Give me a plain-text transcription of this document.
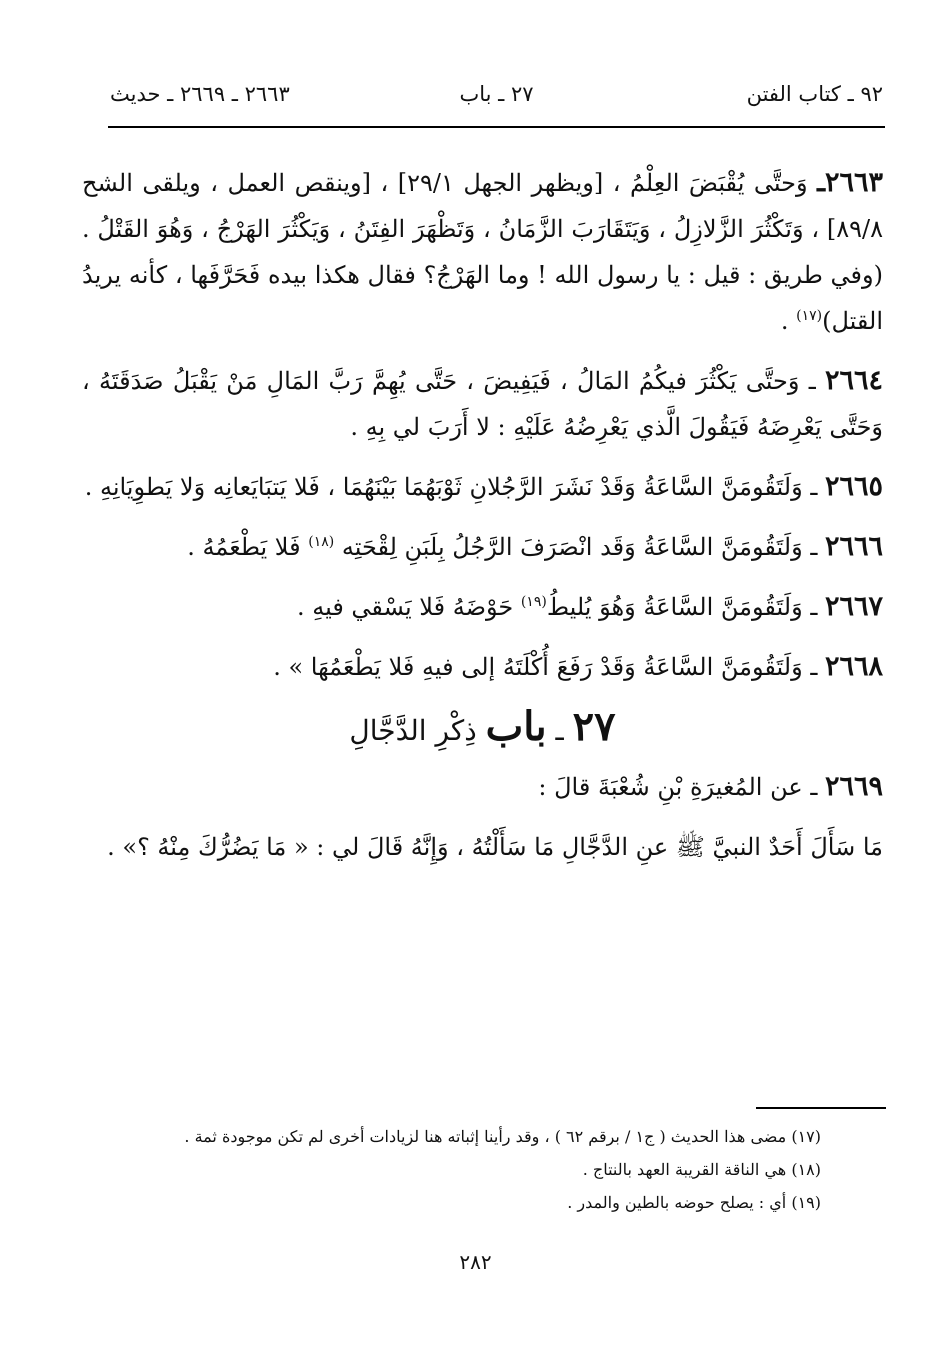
٩٢ ـ كتاب الفتن
٢٧ ـ باب
٢٦٦٣ ـ ٢٦٦٩ ـ حديث

٢٦٦٣ـ وَحتَّى يُقْبَضَ العِلْمُ ، [ويظهر الجهل ٢٩/١] ، [وينقص العمل ، ويلقى الشح ٨٩/٨] ، وَتَكْثُرَ الزَّلازِلُ ، وَيَتَقَارَبَ الزَّمَانُ ، وَتَظْهَرَ الفِتَنُ ، وَيَكْثُرَ الهَرْجُ ، وَهُوَ القَتْلُ . (وفي طريق : قيل : يا رسول الله ! وما الهَرْجُ؟ فقال هكذا بيده فَحَرَّفَها ، كأنه يريدُ القتل)$^{(١٧)}$ .

٢٦٦٤ ـ وَحتَّى يَكْثُرَ فيكُمُ المَالُ ، فَيَفِيضَ ، حَتَّى يُهِمَّ رَبَّ المَالِ مَنْ يَقْبَلُ صَدَقَتَهُ ، وَحَتَّى يَعْرِضَهُ فَيَقُولَ الَّذي يَعْرِضُهُ عَلَيْهِ : لا أَرَبَ لي بِهِ .

٢٦٦٥ ـ وَلَتَقُومَنَّ السَّاعَةُ وَقَدْ نَشَرَ الرَّجُلانِ ثَوْبَهُمَا بَيْنَهُمَا ، فَلا يَتبَايَعانِه وَلا يَطوِيَانِهِ .

٢٦٦٦ ـ وَلَتَقُومَنَّ السَّاعَةُ وَقَد انْصَرَفَ الرَّجُلُ بِلَبَنِ لِقْحَتِه $^{(١٨)}$ فَلا يَطْعَمُهُ .

٢٦٦٧ ـ وَلَتَقُومَنَّ السَّاعَةُ وَهُوَ يُليطُ$^{(١٩)}$ حَوْضَهُ فَلا يَسْقي فيهِ .

٢٦٦٨ ـ وَلَتَقُومَنَّ السَّاعَةُ وَقَدْ رَفَعَ أُكْلَتَهُ إلى فيهِ فَلا يَطْعَمُهَا » .

٢٧ ـ باب ذِكْرِ الدَّجَّالِ

٢٦٦٩ ـ عن المُغيرَةِ بْنِ شُعْبَةَ قالَ :

مَا سَأَلَ أَحَدٌ النبيَّ ﷺ عنِ الدَّجَّالِ مَا سَأَلْتُهُ ، وَإِنَّهُ قَالَ لي : « مَا يَضُرُّكَ مِنْهُ ؟» .

(١٧) مضى هذا الحديث ( ج١ / برقم ٦٢ ) ، وقد رأينا إثباته هنا لزيادات أخرى لم تكن موجودة ثمة .

(١٨) هي الناقة القريبة العهد بالنتاج .

(١٩) أي : يصلح حوضه بالطين والمدر .

٢٨٢
